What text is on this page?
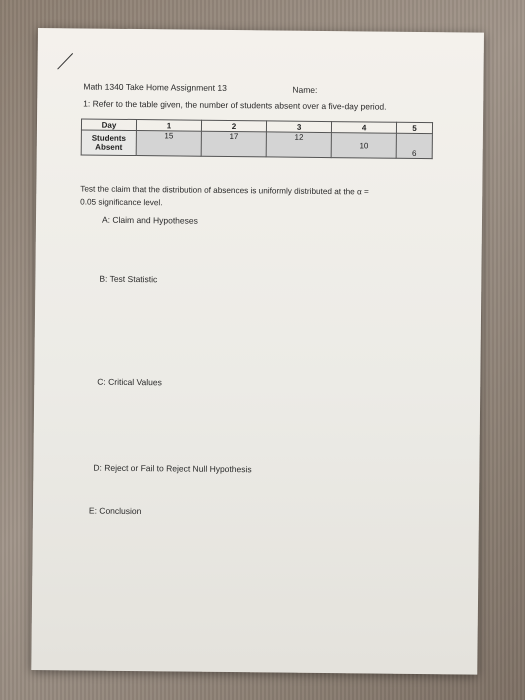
Math 1340 Take Home Assignment 13	Name:
1: Refer to the table given, the number of students absent over a five-day period.
Day	1	2	3	4	5
Students
Absent	15	17	12	10	6
Test the claim that the distribution of absences is uniformly distributed at the α =
0.05 significance level.
A: Claim and Hypotheses
B: Test Statistic
C: Critical Values
D: Reject or Fail to Reject Null Hypothesis
E: Conclusion
